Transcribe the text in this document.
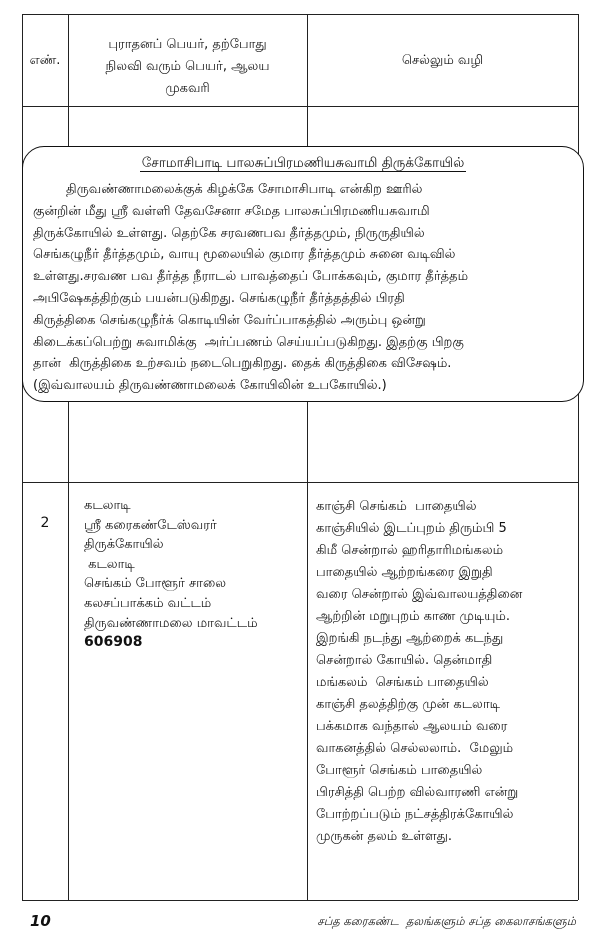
எண்.
புராதனப் பெயர், தற்போது
நிலவி வரும் பெயர், ஆலய
முகவரி
செல்லும் வழி
சோமாசிபாடி பாலசுப்பிரமணியசுவாமி திருக்கோயில்
திருவண்ணாமலைக்குக் கிழக்கே சோமாசிபாடி என்கிற ஊரில்
குன்றின் மீது ஸ்ரீ வள்ளி தேவசேனா சமேத பாலசுப்பிரமணியசுவாமி
திருக்கோயில் உள்ளது. தெற்கே சரவணபவ தீர்த்தமும், நிருருதியில்
செங்கழுநீர் தீர்த்தமும், வாயு மூலையில் குமார தீர்த்தமும் சுனை வடிவில்
உள்ளது.சரவண பவ தீர்த்த நீராடல் பாவத்தைப் போக்கவும், குமார தீர்த்தம்
அபிஷேகத்திற்கும் பயன்படுகிறது. செங்கழுநீர் தீர்த்தத்தில் பிரதி
கிருத்திகை செங்கழுநீர்க் கொடியின் வேர்ப்பாகத்தில் அரும்பு ஒன்று
கிடைக்கப்பெற்று சுவாமிக்கு  அர்ப்பணம் செய்யப்படுகிறது. இதற்கு பிறகு
தான்  கிருத்திகை உற்சவம் நடைபெறுகிறது. தைக் கிருத்திகை விசேஷம்.
(இவ்வாலயம் திருவண்ணாமலைக் கோயிலின் உபகோயில்.)
2
கடலாடி
ஸ்ரீ கரைகண்டேஸ்வரர்
திருக்கோயில்
கடலாடி
செங்கம் போளூர் சாலை
கலசப்பாக்கம் வட்டம்
திருவண்ணாமலை மாவட்டம்
606908
காஞ்சி செங்கம்  பாதையில்
காஞ்சியில் இடப்புறம் திரும்பி 5
கிமீ சென்றால் ஹரிதாரிமங்கலம்
பாதையில் ஆற்றங்கரை இறுதி
வரை சென்றால் இவ்வாலயத்தினை
ஆற்றின் மறுபுறம் காண முடியும்.
இறங்கி நடந்து ஆற்றைக் கடந்து
சென்றால் கோயில். தென்மாதி
மங்கலம்  செங்கம் பாதையில்
காஞ்சி தலத்திற்கு முன் கடலாடி
பக்கமாக வந்தால் ஆலயம் வரை
வாகனத்தில் செல்லலாம்.  மேலும்
போளூர் செங்கம் பாதையில்
பிரசித்தி பெற்ற வில்வாரணி என்று
போற்றப்படும் நட்சத்திரக்கோயில்
முருகன் தலம் உள்ளது.
10	சப்த கரைகண்ட  தலங்களும் சப்த கைலாசங்களும்
